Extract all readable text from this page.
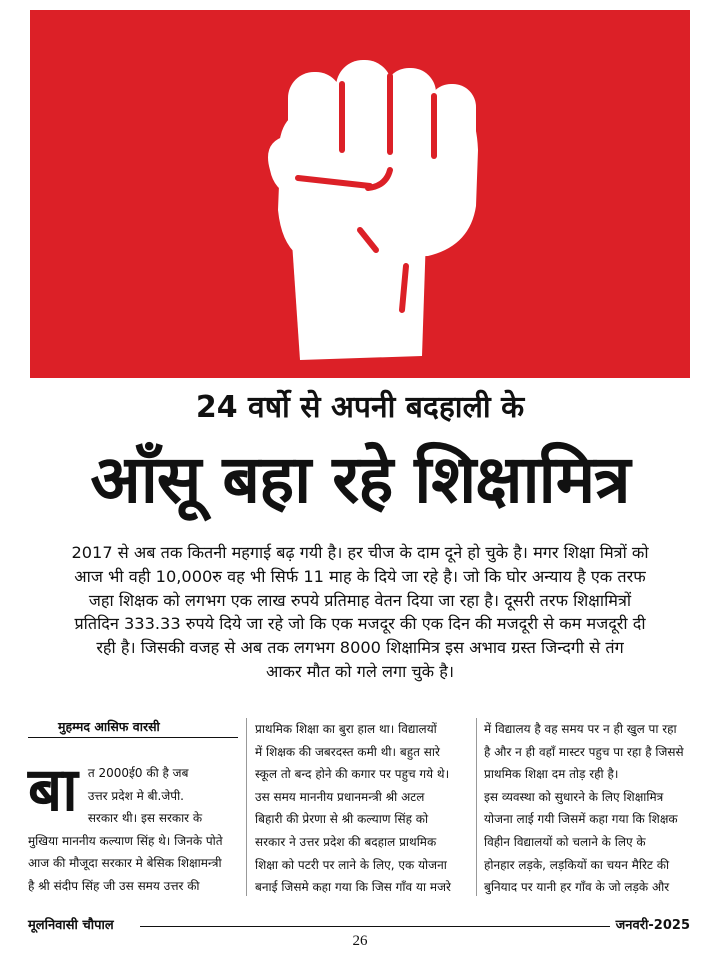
24 वर्षो से अपनी बदहाली के
आँसू बहा रहे शिक्षामित्र
2017 से अब तक कितनी महगाई बढ़ गयी है। हर चीज के दाम दूने हो चुके है। मगर शिक्षा मित्रों को
आज भी वही 10,000रु वह भी सिर्फ 11 माह के दिये जा रहे है। जो कि घोर अन्याय है एक तरफ
जहा शिक्षक को लगभग एक लाख रुपये प्रतिमाह वेतन दिया जा रहा है। दूसरी तरफ शिक्षामित्रों
प्रतिदिन 333.33 रुपये दिये जा रहे जो कि एक मजदूर की एक दिन की मजदूरी से कम मजदूरी दी
रही है। जिसकी वजह से अब तक लगभग 8000 शिक्षामित्र इस अभाव ग्रस्त जिन्दगी से तंग
आकर मौत को गले लगा चुके है।
मुहम्मद आसिफ वारसी
बा त 2000ई0 की है जब

उत्तर प्रदेश मे बी.जेपी.

सरकार थी। इस सरकार के

मुखिया माननीय कल्याण सिंह थे। जिनके पोते

आज की मौजूदा सरकार मे बेसिक शिक्षामन्त्री

है श्री संदीप सिंह जी उस समय उत्तर की

प्राथमिक शिक्षा का बुरा हाल था। विद्यालयों

में शिक्षक की जबरदस्त कमी थी। बहुत सारे

स्कूल तो बन्द होने की कगार पर पहुच गये थे।

उस समय माननीय प्रधानमन्त्री श्री अटल

बिहारी की प्रेरणा से श्री कल्याण सिंह को

सरकार ने उत्तर प्रदेश की बदहाल प्राथमिक

शिक्षा को पटरी पर लाने के लिए, एक योजना

बनाई जिसमे कहा गया कि जिस गाँव या मजरे

में विद्यालय है वह समय पर न ही खुल पा रहा

है और न ही वहाँ मास्टर पहुच पा रहा है जिससे

प्राथमिक शिक्षा दम तोड़ रही है।

इस व्यवस्था को सुधारने के लिए शिक्षामित्र

योजना लाई गयी जिसमें कहा गया कि शिक्षक

विहीन विद्यालयों को चलाने के लिए के

होनहार लड़के, लड़कियों का चयन मैरिट की

बुनियाद पर यानी हर गाँव के जो लड़के और

मूलनिवासी चौपाल	जनवरी-2025
26
